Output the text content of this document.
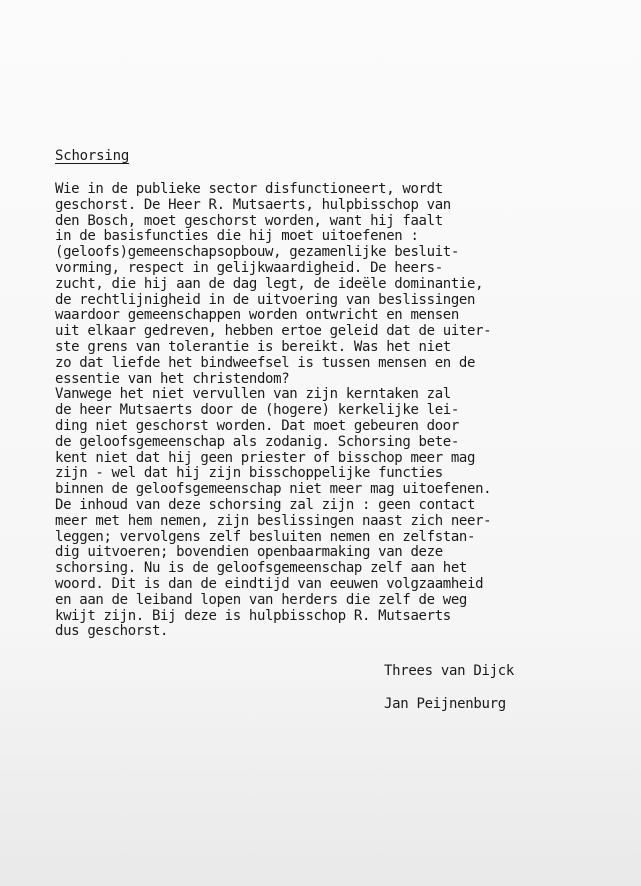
Schorsing
Wie in de publieke sector disfunctioneert, wordt
geschorst. De Heer R. Mutsaerts, hulpbisschop van
den Bosch, moet geschorst worden, want hij faalt
in de basisfuncties die hij moet uitoefenen :
(geloofs)gemeenschapsopbouw, gezamenlijke besluit-
vorming, respect in gelijkwaardigheid. De heers-
zucht, die hij aan de dag legt, de ideële dominantie,
de rechtlijnigheid in de uitvoering van beslissingen
waardoor gemeenschappen worden ontwricht en mensen
uit elkaar gedreven, hebben ertoe geleid dat de uiter-
ste grens van tolerantie is bereikt. Was het niet
zo dat liefde het bindweefsel is tussen mensen en de
essentie van het christendom?
Vanwege het niet vervullen van zijn kerntaken zal
de heer Mutsaerts door de (hogere) kerkelijke lei-
ding niet geschorst worden. Dat moet gebeuren door
de geloofsgemeenschap als zodanig. Schorsing bete-
kent niet dat hij geen priester of bisschop meer mag
zijn - wel dat hij zijn bisschoppelijke functies
binnen de geloofsgemeenschap niet meer mag uitoefenen.
De inhoud van deze schorsing zal zijn : geen contact
meer met hem nemen, zijn beslissingen naast zich neer-
leggen; vervolgens zelf besluiten nemen en zelfstan-
dig uitvoeren; bovendien openbaarmaking van deze
schorsing. Nu is de geloofsgemeenschap zelf aan het
woord. Dit is dan de eindtijd van eeuwen volgzaamheid
en aan de leiband lopen van herders die zelf de weg
kwijt zijn. Bij deze is hulpbisschop R. Mutsaerts
dus geschorst.
Threes van Dijck
Jan Peijnenburg
